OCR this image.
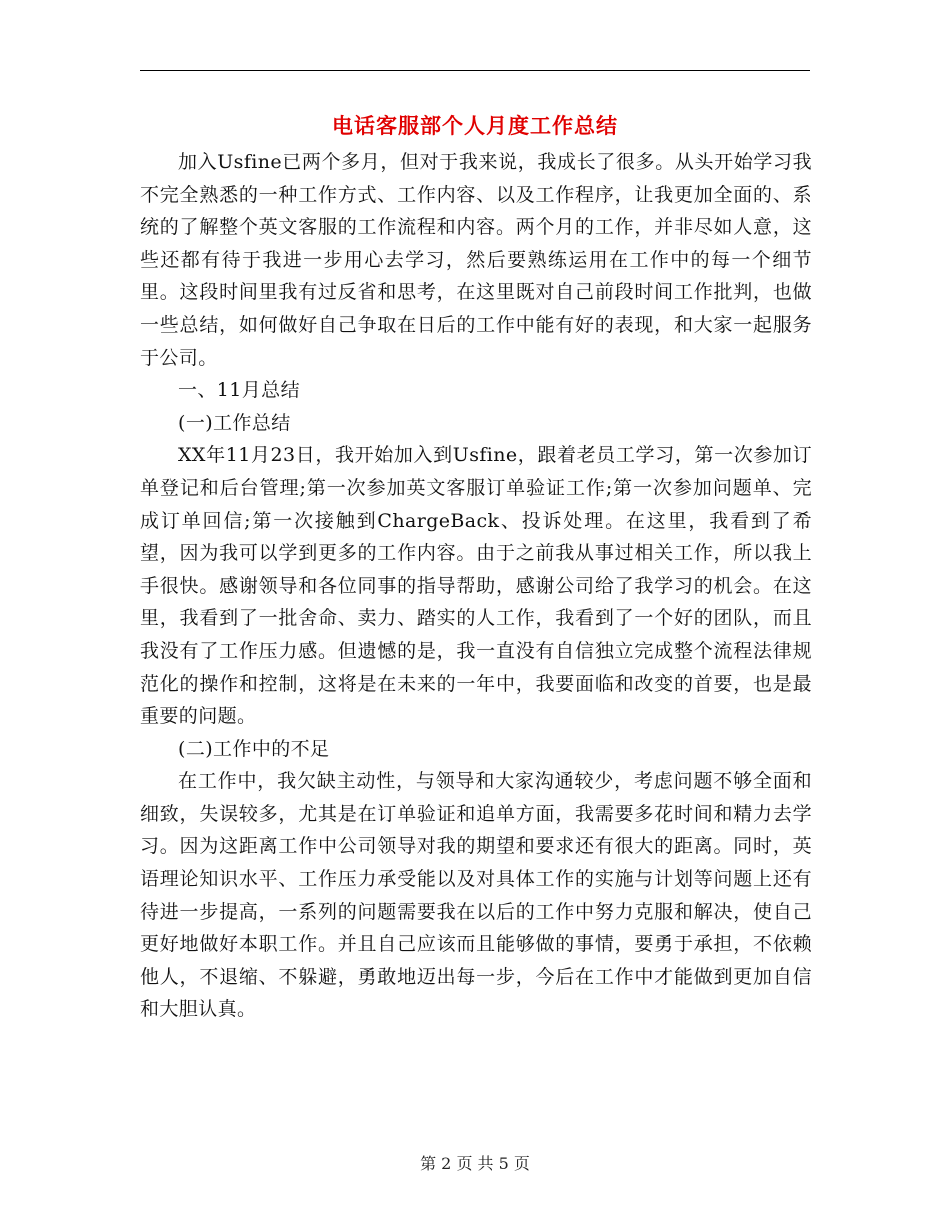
电话客服部个人月度工作总结

加入Usfine已两个多月，但对于我来说，我成长了很多。从头开始学习我不完全熟悉的一种工作方式、工作内容、以及工作程序，让我更加全面的、系统的了解整个英文客服的工作流程和内容。两个月的工作，并非尽如人意，这些还都有待于我进一步用心去学习，然后要熟练运用在工作中的每一个细节里。这段时间里我有过反省和思考，在这里既对自己前段时间工作批判，也做一些总结，如何做好自己争取在日后的工作中能有好的表现，和大家一起服务于公司。

一、11月总结

(一)工作总结

XX年11月23日，我开始加入到Usfine，跟着老员工学习，第一次参加订单登记和后台管理;第一次参加英文客服订单验证工作;第一次参加问题单、完成订单回信;第一次接触到ChargeBack、投诉处理。在这里，我看到了希望，因为我可以学到更多的工作内容。由于之前我从事过相关工作，所以我上手很快。感谢领导和各位同事的指导帮助，感谢公司给了我学习的机会。在这里，我看到了一批舍命、卖力、踏实的人工作，我看到了一个好的团队，而且我没有了工作压力感。但遗憾的是，我一直没有自信独立完成整个流程法律规范化的操作和控制，这将是在未来的一年中，我要面临和改变的首要，也是最重要的问题。

(二)工作中的不足

在工作中，我欠缺主动性，与领导和大家沟通较少，考虑问题不够全面和细致，失误较多，尤其是在订单验证和追单方面，我需要多花时间和精力去学习。因为这距离工作中公司领导对我的期望和要求还有很大的距离。同时，英语理论知识水平、工作压力承受能以及对具体工作的实施与计划等问题上还有待进一步提高，一系列的问题需要我在以后的工作中努力克服和解决，使自己更好地做好本职工作。并且自己应该而且能够做的事情，要勇于承担，不依赖他人，不退缩、不躲避，勇敢地迈出每一步，今后在工作中才能做到更加自信和大胆认真。

第 2 页 共 5 页
